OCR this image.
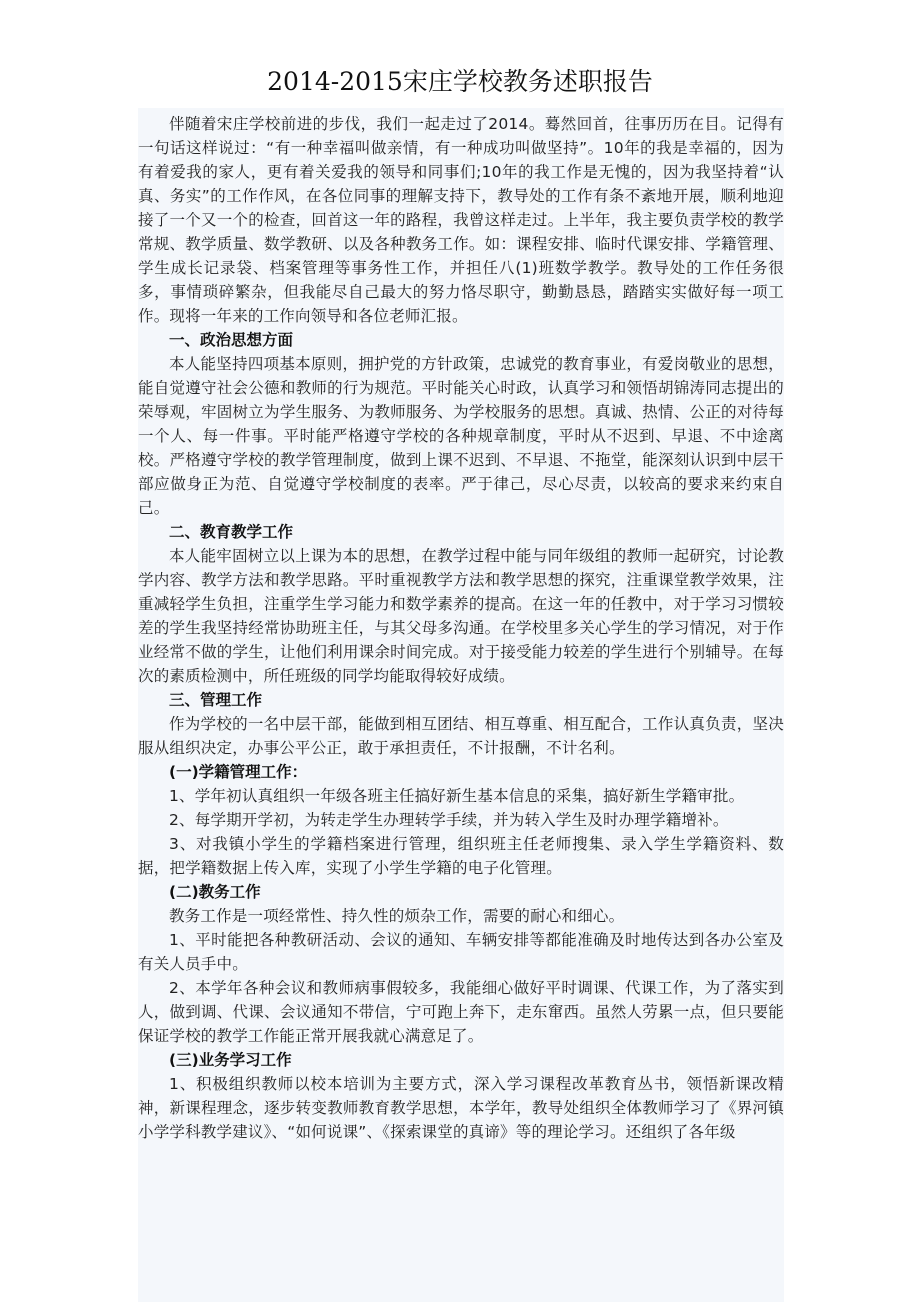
2014-2015宋庄学校教务述职报告

伴随着宋庄学校前进的步伐，我们一起走过了2014。蓦然回首，往事历历在目。记得有一句话这样说过：“有一种幸福叫做亲情，有一种成功叫做坚持”。10年的我是幸福的，因为有着爱我的家人，更有着关爱我的领导和同事们;10年的我工作是无愧的，因为我坚持着“认真、务实”的工作作风，在各位同事的理解支持下，教导处的工作有条不紊地开展，顺利地迎接了一个又一个的检查，回首这一年的路程，我曾这样走过。上半年，我主要负责学校的教学常规、教学质量、数学教研、以及各种教务工作。如：课程安排、临时代课安排、学籍管理、学生成长记录袋、档案管理等事务性工作，并担任八(1)班数学教学。教导处的工作任务很多，事情琐碎繁杂，但我能尽自己最大的努力恪尽职守，勤勤恳恳，踏踏实实做好每一项工作。现将一年来的工作向领导和各位老师汇报。

一、政治思想方面

本人能坚持四项基本原则，拥护党的方针政策，忠诚党的教育事业，有爱岗敬业的思想，能自觉遵守社会公德和教师的行为规范。平时能关心时政，认真学习和领悟胡锦涛同志提出的荣辱观，牢固树立为学生服务、为教师服务、为学校服务的思想。真诚、热情、公正的对待每一个人、每一件事。平时能严格遵守学校的各种规章制度，平时从不迟到、早退、不中途离校。严格遵守学校的教学管理制度，做到上课不迟到、不早退、不拖堂，能深刻认识到中层干部应做身正为范、自觉遵守学校制度的表率。严于律己，尽心尽责，以较高的要求来约束自己。

二、教育教学工作

本人能牢固树立以上课为本的思想，在教学过程中能与同年级组的教师一起研究，讨论教学内容、教学方法和教学思路。平时重视教学方法和教学思想的探究，注重课堂教学效果，注重减轻学生负担，注重学生学习能力和数学素养的提高。在这一年的任教中，对于学习习惯较差的学生我坚持经常协助班主任，与其父母多沟通。在学校里多关心学生的学习情况，对于作业经常不做的学生，让他们利用课余时间完成。对于接受能力较差的学生进行个别辅导。在每次的素质检测中，所任班级的同学均能取得较好成绩。

三、管理工作

作为学校的一名中层干部，能做到相互团结、相互尊重、相互配合，工作认真负责，坚决服从组织决定，办事公平公正，敢于承担责任，不计报酬，不计名利。

(一)学籍管理工作：

1、学年初认真组织一年级各班主任搞好新生基本信息的采集，搞好新生学籍审批。

2、每学期开学初，为转走学生办理转学手续，并为转入学生及时办理学籍增补。

3、对我镇小学生的学籍档案进行管理，组织班主任老师搜集、录入学生学籍资料、数据，把学籍数据上传入库，实现了小学生学籍的电子化管理。

(二)教务工作

教务工作是一项经常性、持久性的烦杂工作，需要的耐心和细心。

1、平时能把各种教研活动、会议的通知、车辆安排等都能准确及时地传达到各办公室及有关人员手中。

2、本学年各种会议和教师病事假较多，我能细心做好平时调课、代课工作，为了落实到人，做到调、代课、会议通知不带信，宁可跑上奔下，走东窜西。虽然人劳累一点，但只要能保证学校的教学工作能正常开展我就心满意足了。

(三)业务学习工作

1、积极组织教师以校本培训为主要方式，深入学习课程改革教育丛书，领悟新课改精神，新课程理念，逐步转变教师教育教学思想，本学年，教导处组织全体教师学习了《界河镇小学学科教学建议》、“如何说课”、《探索课堂的真谛》等的理论学习。还组织了各年级
